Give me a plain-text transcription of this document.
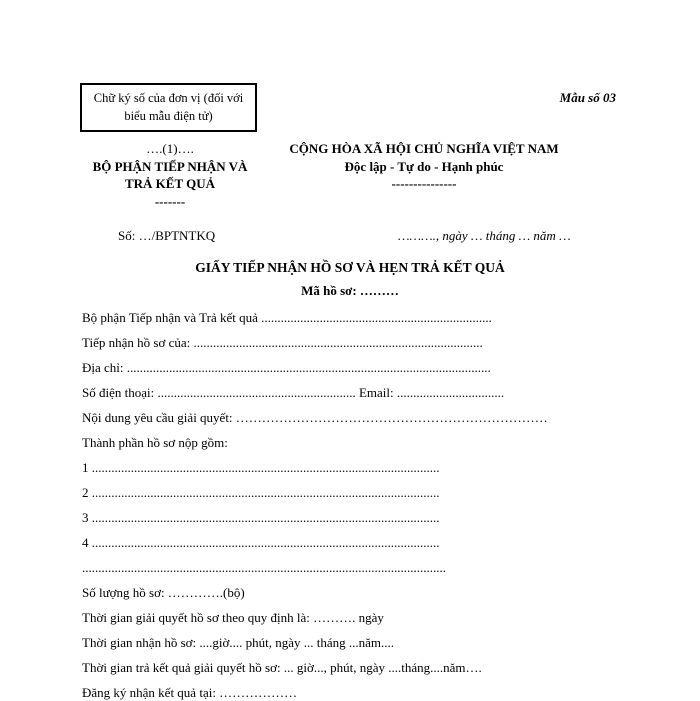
Chữ ký số của đơn vị (đối với
biểu mẫu điện tử)
Mẫu số 03
….(1)….
BỘ PHẬN TIẾP NHẬN VÀ
TRẢ KẾT QUẢ
-------
CỘNG HÒA XÃ HỘI CHỦ NGHĨA VIỆT NAM
Độc lập - Tự do - Hạnh phúc
---------------
Số: …/BPTNTKQ	………., ngày … tháng … năm …
GIẤY TIẾP NHẬN HỒ SƠ VÀ HẸN TRẢ KẾT QUẢ
Mã hồ sơ: ………
Bộ phận Tiếp nhận và Trả kết quả .......................................................................
Tiếp nhận hồ sơ của: .........................................................................................
Địa chỉ: ................................................................................................................
Số điện thoại: ............................................................. Email: .................................
Nội dung yêu cầu giải quyết: ………………………………………………………………
Thành phần hồ sơ nộp gồm:
1 ...........................................................................................................
2 ...........................................................................................................
3 ...........................................................................................................
4 ...........................................................................................................
................................................................................................................
Số lượng hồ sơ: ………….(bộ)
Thời gian giải quyết hồ sơ theo quy định là: ………. ngày
Thời gian nhận hồ sơ: ....giờ.... phút, ngày ... tháng ...năm....
Thời gian trả kết quả giải quyết hồ sơ: ... giờ..., phút, ngày ....tháng....năm….
Đăng ký nhận kết quả tại: ………………
